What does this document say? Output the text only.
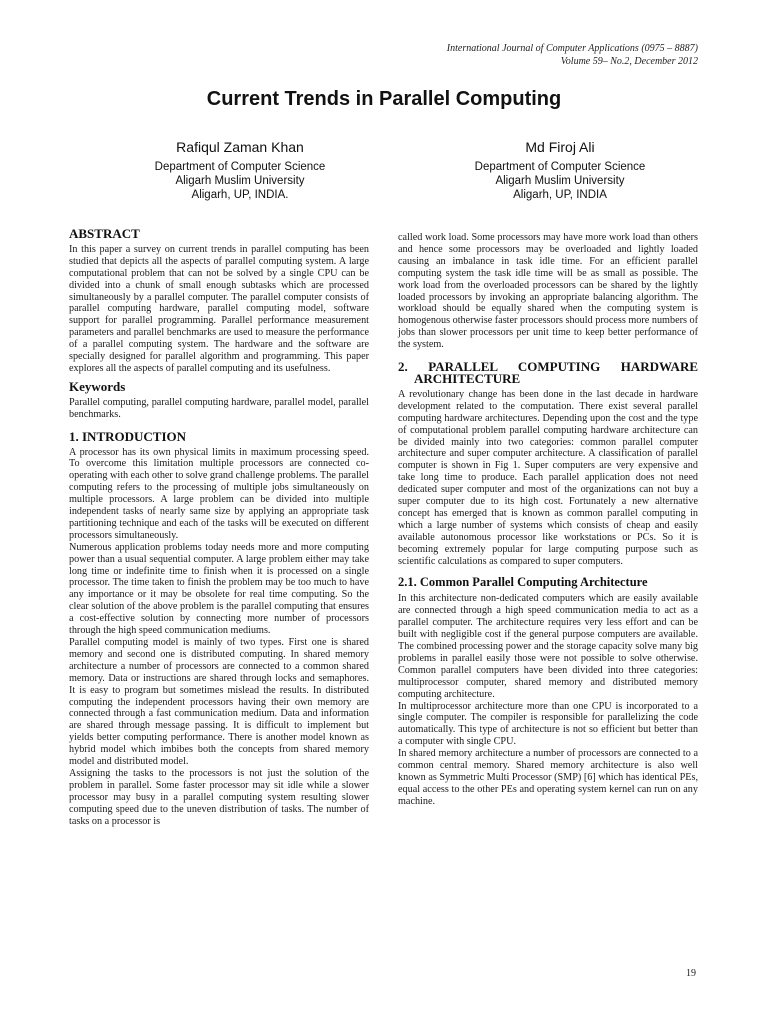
International Journal of Computer Applications (0975 – 8887)
Volume 59– No.2, December 2012
Current Trends in Parallel Computing
Rafiqul Zaman Khan
Department of Computer Science
Aligarh Muslim University
Aligarh, UP, INDIA.
Md Firoj Ali
Department of Computer Science
Aligarh Muslim University
Aligarh, UP, INDIA
ABSTRACT

In this paper a survey on current trends in parallel computing has been studied that depicts all the aspects of parallel computing system. A large computational problem that can not be solved by a single CPU can be divided into a chunk of small enough subtasks which are processed simultaneously by a parallel computer. The parallel computer consists of parallel computing hardware, parallel computing model, software support for parallel programming. Parallel performance measurement parameters and parallel benchmarks are used to measure the performance of a parallel computing system. The hardware and the software are specially designed for parallel algorithm and programming. This paper explores all the aspects of parallel computing and its usefulness.

Keywords

Parallel computing, parallel computing hardware, parallel model, parallel benchmarks.

1. INTRODUCTION

A processor has its own physical limits in maximum processing speed. To overcome this limitation multiple processors are connected co-operating with each other to solve grand challenge problems. The parallel computing refers to the processing of multiple jobs simultaneously on multiple processors. A large problem can be divided into multiple independent tasks of nearly same size by applying an appropriate task partitioning technique and each of the tasks will be executed on different processors simultaneously.

Numerous application problems today needs more and more computing power than a usual sequential computer. A large problem either may take long time or indefinite time to finish when it is processed on a single processor. The time taken to finish the problem may be too much to have any importance or it may be obsolete for real time computing. So the clear solution of the above problem is the parallel computing that ensures a cost-effective solution by connecting more number of processors through the high speed communication mediums.

Parallel computing model is mainly of two types. First one is shared memory and second one is distributed computing. In shared memory architecture a number of processors are connected to a common shared memory. Data or instructions are shared through locks and semaphores. It is easy to program but sometimes mislead the results. In distributed computing the independent processors having their own memory are connected through a fast communication medium. Data and information are shared through message passing. It is difficult to implement but yields better computing performance. There is another model known as hybrid model which imbibes both the concepts from shared memory model and distributed model.

Assigning the tasks to the processors is not just the solution of the problem in parallel. Some faster processor may sit idle while a slower processor may busy in a parallel computing system resulting slower computing speed due to the uneven distribution of tasks. The number of tasks on a processor is

called work load. Some processors may have more work load than others and hence some processors may be overloaded and lightly loaded causing an imbalance in task idle time. For an efficient parallel computing system the task idle time will be as small as possible. The work load from the overloaded processors can be shared by the lightly loaded processors by invoking an appropriate balancing algorithm. The workload should be equally shared when the computing system is homogenous otherwise faster processors should process more numbers of jobs than slower processors per unit time to keep better performance of the system.

2. PARALLEL COMPUTING HARDWARE ARCHITECTURE

A revolutionary change has been done in the last decade in hardware development related to the computation. There exist several parallel computing hardware architectures. Depending upon the cost and the type of computational problem parallel computing hardware architecture can be divided mainly into two categories: common parallel computer architecture and super computer architecture. A classification of parallel computer is shown in Fig 1. Super computers are very expensive and take long time to produce. Each parallel application does not need dedicated super computer and most of the organizations can not buy a super computer due to its high cost. Fortunately a new alternative concept has emerged that is known as common parallel computing in which a large number of systems which consists of cheap and easily available autonomous processor like workstations or PCs. So it is becoming extremely popular for large computing purpose such as scientific calculations as compared to super computers.

2.1. Common Parallel Computing Architecture

In this architecture non-dedicated computers which are easily available are connected through a high speed communication media to act as a parallel computer. The architecture requires very less effort and can be built with negligible cost if the general purpose computers are available. The combined processing power and the storage capacity solve many big problems in parallel easily those were not possible to solve otherwise. Common parallel computers have been divided into three categories: multiprocessor computer, shared memory and distributed memory computing architecture.

In multiprocessor architecture more than one CPU is incorporated to a single computer. The compiler is responsible for parallelizing the code automatically. This type of architecture is not so efficient but better than a computer with single CPU.

In shared memory architecture a number of processors are connected to a common central memory. Shared memory architecture is also well known as Symmetric Multi Processor (SMP) [6] which has identical PEs, equal access to the other PEs and operating system kernel can run on any machine.

19
